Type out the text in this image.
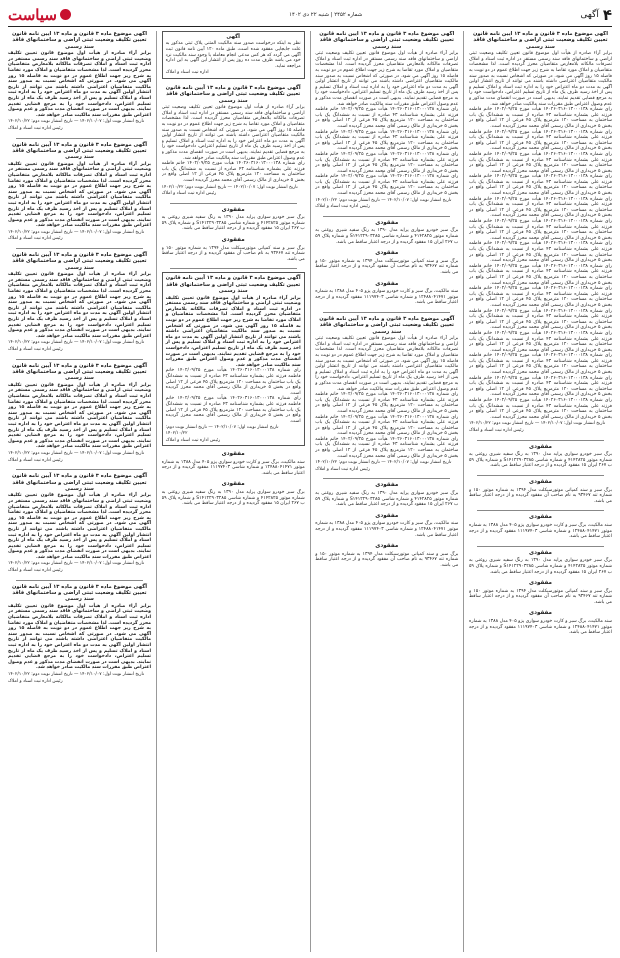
۴
آگهی
شماره ۲۴۵۲ | شنبه ۲۲ دی ۱۴۰۲
سیاست
آگهی موضوع ماده ۳ قانون و ماده ۱۳ آیین نامه قانون تعیین تکلیف وضعیت ثبتی اراضی و ساختمانهای فاقد سند رسمی
برابر آراء صادره از هیأت اول موضوع قانون تعیین تکلیف وضعیت ثبتی اراضی و ساختمانهای فاقد سند رسمی مستقر در اداره ثبت اسناد و املاک تصرفات مالکانه بلامعارض متقاضیان محرز گردیده است. لذا مشخصات متقاضیان و املاک مورد تقاضا به شرح زیر جهت اطلاع عموم در دو نوبت به فاصله ۱۵ روز آگهی می شود. در صورتی که اشخاص نسبت به صدور سند مالکیت متقاضیان اعتراضی داشته باشند می توانند از تاریخ انتشار اولین آگهی به مدت دو ماه اعتراض خود را به اداره ثبت اسناد و املاک تسلیم و پس از اخذ رسید ظرف یک ماه از تاریخ تسلیم اعتراض، دادخواست خود را به مرجع قضایی تقدیم نمایند. بدیهی است در صورت انقضای مدت مذکور و عدم وصول اعتراض طبق مقررات سند مالکیت صادر خواهد شد.
رای شماره ۱۴۰۲۶۰۳۱۶۰۱۳۰۰۰۱۳۸ هیأت مورخ ۱۴۰۲/۰۹/۲۵ خانم فاطمه فرزند علی بشماره شناسنامه ۴۳ صادره از نسبت به ششدانگ یک باب ساختمان به مساحت ۱۲۰ مترمربع پلاک ۴۵ فرعی از ۱۲ اصلی واقع در بخش ۵ خریداری از مالک رسمی آقای محمد محرز گردیده است.
رای شماره ۱۴۰۲۶۰۳۱۶۰۱۳۰۰۰۱۳۸ هیأت مورخ ۱۴۰۲/۰۹/۲۵ خانم فاطمه فرزند علی بشماره شناسنامه ۴۳ صادره از نسبت به ششدانگ یک باب ساختمان به مساحت ۱۲۰ مترمربع پلاک ۴۵ فرعی از ۱۲ اصلی واقع در بخش ۵ خریداری از مالک رسمی آقای محمد محرز گردیده است.
رای شماره ۱۴۰۲۶۰۳۱۶۰۱۳۰۰۰۱۳۸ هیأت مورخ ۱۴۰۲/۰۹/۲۵ خانم فاطمه فرزند علی بشماره شناسنامه ۴۳ صادره از نسبت به ششدانگ یک باب ساختمان به مساحت ۱۲۰ مترمربع پلاک ۴۵ فرعی از ۱۲ اصلی واقع در بخش ۵ خریداری از مالک رسمی آقای محمد محرز گردیده است.
رای شماره ۱۴۰۲۶۰۳۱۶۰۱۳۰۰۰۱۳۸ هیأت مورخ ۱۴۰۲/۰۹/۲۵ خانم فاطمه فرزند علی بشماره شناسنامه ۴۳ صادره از نسبت به ششدانگ یک باب ساختمان به مساحت ۱۲۰ مترمربع پلاک ۴۵ فرعی از ۱۲ اصلی واقع در بخش ۵ خریداری از مالک رسمی آقای محمد محرز گردیده است.
رای شماره ۱۴۰۲۶۰۳۱۶۰۱۳۰۰۰۱۳۸ هیأت مورخ ۱۴۰۲/۰۹/۲۵ خانم فاطمه فرزند علی بشماره شناسنامه ۴۳ صادره از نسبت به ششدانگ یک باب ساختمان به مساحت ۱۲۰ مترمربع پلاک ۴۵ فرعی از ۱۲ اصلی واقع در بخش ۵ خریداری از مالک رسمی آقای محمد محرز گردیده است.
رای شماره ۱۴۰۲۶۰۳۱۶۰۱۳۰۰۰۱۳۸ هیأت مورخ ۱۴۰۲/۰۹/۲۵ خانم فاطمه فرزند علی بشماره شناسنامه ۴۳ صادره از نسبت به ششدانگ یک باب ساختمان به مساحت ۱۲۰ مترمربع پلاک ۴۵ فرعی از ۱۲ اصلی واقع در بخش ۵ خریداری از مالک رسمی آقای محمد محرز گردیده است.
رای شماره ۱۴۰۲۶۰۳۱۶۰۱۳۰۰۰۱۳۸ هیأت مورخ ۱۴۰۲/۰۹/۲۵ خانم فاطمه فرزند علی بشماره شناسنامه ۴۳ صادره از نسبت به ششدانگ یک باب ساختمان به مساحت ۱۲۰ مترمربع پلاک ۴۵ فرعی از ۱۲ اصلی واقع در بخش ۵ خریداری از مالک رسمی آقای محمد محرز گردیده است.
رای شماره ۱۴۰۲۶۰۳۱۶۰۱۳۰۰۰۱۳۸ هیأت مورخ ۱۴۰۲/۰۹/۲۵ خانم فاطمه فرزند علی بشماره شناسنامه ۴۳ صادره از نسبت به ششدانگ یک باب ساختمان به مساحت ۱۲۰ مترمربع پلاک ۴۵ فرعی از ۱۲ اصلی واقع در بخش ۵ خریداری از مالک رسمی آقای محمد محرز گردیده است.
رای شماره ۱۴۰۲۶۰۳۱۶۰۱۳۰۰۰۱۳۸ هیأت مورخ ۱۴۰۲/۰۹/۲۵ خانم فاطمه فرزند علی بشماره شناسنامه ۴۳ صادره از نسبت به ششدانگ یک باب ساختمان به مساحت ۱۲۰ مترمربع پلاک ۴۵ فرعی از ۱۲ اصلی واقع در بخش ۵ خریداری از مالک رسمی آقای محمد محرز گردیده است.
رای شماره ۱۴۰۲۶۰۳۱۶۰۱۳۰۰۰۱۳۸ هیأت مورخ ۱۴۰۲/۰۹/۲۵ خانم فاطمه فرزند علی بشماره شناسنامه ۴۳ صادره از نسبت به ششدانگ یک باب ساختمان به مساحت ۱۲۰ مترمربع پلاک ۴۵ فرعی از ۱۲ اصلی واقع در بخش ۵ خریداری از مالک رسمی آقای محمد محرز گردیده است.
رای شماره ۱۴۰۲۶۰۳۱۶۰۱۳۰۰۰۱۳۸ هیأت مورخ ۱۴۰۲/۰۹/۲۵ خانم فاطمه فرزند علی بشماره شناسنامه ۴۳ صادره از نسبت به ششدانگ یک باب ساختمان به مساحت ۱۲۰ مترمربع پلاک ۴۵ فرعی از ۱۲ اصلی واقع در بخش ۵ خریداری از مالک رسمی آقای محمد محرز گردیده است.
رای شماره ۱۴۰۲۶۰۳۱۶۰۱۳۰۰۰۱۳۸ هیأت مورخ ۱۴۰۲/۰۹/۲۵ خانم فاطمه فرزند علی بشماره شناسنامه ۴۳ صادره از نسبت به ششدانگ یک باب ساختمان به مساحت ۱۲۰ مترمربع پلاک ۴۵ فرعی از ۱۲ اصلی واقع در بخش ۵ خریداری از مالک رسمی آقای محمد محرز گردیده است.
رای شماره ۱۴۰۲۶۰۳۱۶۰۱۳۰۰۰۱۳۸ هیأت مورخ ۱۴۰۲/۰۹/۲۵ خانم فاطمه فرزند علی بشماره شناسنامه ۴۳ صادره از نسبت به ششدانگ یک باب ساختمان به مساحت ۱۲۰ مترمربع پلاک ۴۵ فرعی از ۱۲ اصلی واقع در بخش ۵ خریداری از مالک رسمی آقای محمد محرز گردیده است.
رای شماره ۱۴۰۲۶۰۳۱۶۰۱۳۰۰۰۱۳۸ هیأت مورخ ۱۴۰۲/۰۹/۲۵ خانم فاطمه فرزند علی بشماره شناسنامه ۴۳ صادره از نسبت به ششدانگ یک باب ساختمان به مساحت ۱۲۰ مترمربع پلاک ۴۵ فرعی از ۱۲ اصلی واقع در بخش ۵ خریداری از مالک رسمی آقای محمد محرز گردیده است.
تاریخ انتشار نوبت اول: ۱۴۰۲/۱۰/۰۷ — تاریخ انتشار نوبت دوم: ۱۴۰۲/۱۰/۲۲
رئیس اداره ثبت اسناد و املاک
مفقودی
برگ سبز خودرو سواری پراید مدل ۱۳۹۰ به رنگ سفید شیری روغنی به شماره موتور ۴۱۴۲۸۲۵ و شماره شاسی S۱۴۱۲۲۹۰۳۲۸۵ و شماره پلاک ۵۹ ب ۲۶۷ ایران ۱۵ مفقود گردیده و از درجه اعتبار ساقط می باشد.
مفقودی
برگ سبز و سند کمپانی موتورسیکلت مدل ۱۳۹۴ به شماره موتور ۱۵۰ و شماره تنه ۹۳۴۶۷ به نام صاحب آن مفقود گردیده و از درجه اعتبار ساقط می باشد.
مفقودی
سند مالکیت، برگ سبز و کارت خودرو سواری پژو ۴۰۵ مدل ۱۳۸۸ به شماره موتور ۱۲۴۸۸۰۴۱۴۷۱ و شماره شاسی ۱۱۱۹۷۴۰۳ مفقود گردیده و از درجه اعتبار ساقط می باشد.
مفقودی
برگ سبز خودرو سواری پراید مدل ۱۳۹۰ به رنگ سفید شیری روغنی به شماره موتور ۴۱۴۲۸۲۵ و شماره شاسی S۱۴۱۲۲۹۰۳۲۸۵ و شماره پلاک ۵۹ ب ۲۶۷ ایران ۱۵ مفقود گردیده و از درجه اعتبار ساقط می باشد.
مفقودی
برگ سبز و سند کمپانی موتورسیکلت مدل ۱۳۹۴ به شماره موتور ۱۵۰ و شماره تنه ۹۳۴۶۷ به نام صاحب آن مفقود گردیده و از درجه اعتبار ساقط می باشد.
مفقودی
سند مالکیت، برگ سبز و کارت خودرو سواری پژو ۴۰۵ مدل ۱۳۸۸ به شماره موتور ۱۲۴۸۸۰۴۱۴۷۱ و شماره شاسی ۱۱۱۹۷۴۰۳ مفقود گردیده و از درجه اعتبار ساقط می باشد.
آگهی موضوع ماده ۳ قانون و ماده ۱۳ آیین نامه قانون تعیین تکلیف وضعیت ثبتی اراضی و ساختمانهای فاقد سند رسمی
برابر آراء صادره از هیأت اول موضوع قانون تعیین تکلیف وضعیت ثبتی اراضی و ساختمانهای فاقد سند رسمی مستقر در اداره ثبت اسناد و املاک تصرفات مالکانه بلامعارض متقاضیان محرز گردیده است. لذا مشخصات متقاضیان و املاک مورد تقاضا به شرح زیر جهت اطلاع عموم در دو نوبت به فاصله ۱۵ روز آگهی می شود. در صورتی که اشخاص نسبت به صدور سند مالکیت متقاضیان اعتراضی داشته باشند می توانند از تاریخ انتشار اولین آگهی به مدت دو ماه اعتراض خود را به اداره ثبت اسناد و املاک تسلیم و پس از اخذ رسید ظرف یک ماه از تاریخ تسلیم اعتراض، دادخواست خود را به مرجع قضایی تقدیم نمایند. بدیهی است در صورت انقضای مدت مذکور و عدم وصول اعتراض طبق مقررات سند مالکیت صادر خواهد شد.
رای شماره ۱۴۰۲۶۰۳۱۶۰۱۳۰۰۰۱۳۸ هیأت مورخ ۱۴۰۲/۰۹/۲۵ خانم فاطمه فرزند علی بشماره شناسنامه ۴۳ صادره از نسبت به ششدانگ یک باب ساختمان به مساحت ۱۲۰ مترمربع پلاک ۴۵ فرعی از ۱۲ اصلی واقع در بخش ۵ خریداری از مالک رسمی آقای محمد محرز گردیده است.
رای شماره ۱۴۰۲۶۰۳۱۶۰۱۳۰۰۰۱۳۸ هیأت مورخ ۱۴۰۲/۰۹/۲۵ خانم فاطمه فرزند علی بشماره شناسنامه ۴۳ صادره از نسبت به ششدانگ یک باب ساختمان به مساحت ۱۲۰ مترمربع پلاک ۴۵ فرعی از ۱۲ اصلی واقع در بخش ۵ خریداری از مالک رسمی آقای محمد محرز گردیده است.
رای شماره ۱۴۰۲۶۰۳۱۶۰۱۳۰۰۰۱۳۸ هیأت مورخ ۱۴۰۲/۰۹/۲۵ خانم فاطمه فرزند علی بشماره شناسنامه ۴۳ صادره از نسبت به ششدانگ یک باب ساختمان به مساحت ۱۲۰ مترمربع پلاک ۴۵ فرعی از ۱۲ اصلی واقع در بخش ۵ خریداری از مالک رسمی آقای محمد محرز گردیده است.
رای شماره ۱۴۰۲۶۰۳۱۶۰۱۳۰۰۰۱۳۸ هیأت مورخ ۱۴۰۲/۰۹/۲۵ خانم فاطمه فرزند علی بشماره شناسنامه ۴۳ صادره از نسبت به ششدانگ یک باب ساختمان به مساحت ۱۲۰ مترمربع پلاک ۴۵ فرعی از ۱۲ اصلی واقع در بخش ۵ خریداری از مالک رسمی آقای محمد محرز گردیده است.
تاریخ انتشار نوبت اول: ۱۴۰۲/۱۰/۰۷ — تاریخ انتشار نوبت دوم: ۱۴۰۲/۱۰/۲۲
رئیس اداره ثبت اسناد و املاک
مفقودی
برگ سبز خودرو سواری پراید مدل ۱۳۹۰ به رنگ سفید شیری روغنی به شماره موتور ۴۱۴۲۸۲۵ و شماره شاسی S۱۴۱۲۲۹۰۳۲۸۵ و شماره پلاک ۵۹ ب ۲۶۷ ایران ۱۵ مفقود گردیده و از درجه اعتبار ساقط می باشد.
مفقودی
برگ سبز و سند کمپانی موتورسیکلت مدل ۱۳۹۴ به شماره موتور ۱۵۰ و شماره تنه ۹۳۴۶۷ به نام صاحب آن مفقود گردیده و از درجه اعتبار ساقط می باشد.
مفقودی
سند مالکیت، برگ سبز و کارت خودرو سواری پژو ۴۰۵ مدل ۱۳۸۸ به شماره موتور ۱۲۴۸۸۰۴۱۴۷۱ و شماره شاسی ۱۱۱۹۷۴۰۳ مفقود گردیده و از درجه اعتبار ساقط می باشد.
آگهی موضوع ماده ۳ قانون و ماده ۱۳ آیین نامه قانون تعیین تکلیف وضعیت ثبتی اراضی و ساختمانهای فاقد سند رسمی
برابر آراء صادره از هیأت اول موضوع قانون تعیین تکلیف وضعیت ثبتی اراضی و ساختمانهای فاقد سند رسمی مستقر در اداره ثبت اسناد و املاک تصرفات مالکانه بلامعارض متقاضیان محرز گردیده است. لذا مشخصات متقاضیان و املاک مورد تقاضا به شرح زیر جهت اطلاع عموم در دو نوبت به فاصله ۱۵ روز آگهی می شود. در صورتی که اشخاص نسبت به صدور سند مالکیت متقاضیان اعتراضی داشته باشند می توانند از تاریخ انتشار اولین آگهی به مدت دو ماه اعتراض خود را به اداره ثبت اسناد و املاک تسلیم و پس از اخذ رسید ظرف یک ماه از تاریخ تسلیم اعتراض، دادخواست خود را به مرجع قضایی تقدیم نمایند. بدیهی است در صورت انقضای مدت مذکور و عدم وصول اعتراض طبق مقررات سند مالکیت صادر خواهد شد.
رای شماره ۱۴۰۲۶۰۳۱۶۰۱۳۰۰۰۱۳۸ هیأت مورخ ۱۴۰۲/۰۹/۲۵ خانم فاطمه فرزند علی بشماره شناسنامه ۴۳ صادره از نسبت به ششدانگ یک باب ساختمان به مساحت ۱۲۰ مترمربع پلاک ۴۵ فرعی از ۱۲ اصلی واقع در بخش ۵ خریداری از مالک رسمی آقای محمد محرز گردیده است.
رای شماره ۱۴۰۲۶۰۳۱۶۰۱۳۰۰۰۱۳۸ هیأت مورخ ۱۴۰۲/۰۹/۲۵ خانم فاطمه فرزند علی بشماره شناسنامه ۴۳ صادره از نسبت به ششدانگ یک باب ساختمان به مساحت ۱۲۰ مترمربع پلاک ۴۵ فرعی از ۱۲ اصلی واقع در بخش ۵ خریداری از مالک رسمی آقای محمد محرز گردیده است.
رای شماره ۱۴۰۲۶۰۳۱۶۰۱۳۰۰۰۱۳۸ هیأت مورخ ۱۴۰۲/۰۹/۲۵ خانم فاطمه فرزند علی بشماره شناسنامه ۴۳ صادره از نسبت به ششدانگ یک باب ساختمان به مساحت ۱۲۰ مترمربع پلاک ۴۵ فرعی از ۱۲ اصلی واقع در بخش ۵ خریداری از مالک رسمی آقای محمد محرز گردیده است.
تاریخ انتشار نوبت اول: ۱۴۰۲/۱۰/۰۷ — تاریخ انتشار نوبت دوم: ۱۴۰۲/۱۰/۲۲
رئیس اداره ثبت اسناد و املاک
مفقودی
برگ سبز خودرو سواری پراید مدل ۱۳۹۰ به رنگ سفید شیری روغنی به شماره موتور ۴۱۴۲۸۲۵ و شماره شاسی S۱۴۱۲۲۹۰۳۲۸۵ و شماره پلاک ۵۹ ب ۲۶۷ ایران ۱۵ مفقود گردیده و از درجه اعتبار ساقط می باشد.
مفقودی
سند مالکیت، برگ سبز و کارت خودرو سواری پژو ۴۰۵ مدل ۱۳۸۸ به شماره موتور ۱۲۴۸۸۰۴۱۴۷۱ و شماره شاسی ۱۱۱۹۷۴۰۳ مفقود گردیده و از درجه اعتبار ساقط می باشد.
مفقودی
برگ سبز و سند کمپانی موتورسیکلت مدل ۱۳۹۴ به شماره موتور ۱۵۰ و شماره تنه ۹۳۴۶۷ به نام صاحب آن مفقود گردیده و از درجه اعتبار ساقط می باشد.
آگهی
نظر به اینکه درخواست صدور سند مالکیت المثنی پلاک ثبتی مذکور به علت جابجایی مفقود شده است، طبق ماده ۱۲۰ آیین نامه قانون ثبت آگهی می گردد که هر کس مدعی انجام معامله یا وجود سند مالکیت نزد خود می باشد ظرف مدت ده روز پس از انتشار این آگهی به این اداره مراجعه نماید.
اداره ثبت اسناد و املاک
آگهی موضوع ماده ۳ قانون و ماده ۱۳ آیین نامه قانون تعیین تکلیف وضعیت ثبتی اراضی و ساختمانهای فاقد سند رسمی
برابر آراء صادره از هیأت اول موضوع قانون تعیین تکلیف وضعیت ثبتی اراضی و ساختمانهای فاقد سند رسمی مستقر در اداره ثبت اسناد و املاک تصرفات مالکانه بلامعارض متقاضیان محرز گردیده است. لذا مشخصات متقاضیان و املاک مورد تقاضا به شرح زیر جهت اطلاع عموم در دو نوبت به فاصله ۱۵ روز آگهی می شود. در صورتی که اشخاص نسبت به صدور سند مالکیت متقاضیان اعتراضی داشته باشند می توانند از تاریخ انتشار اولین آگهی به مدت دو ماه اعتراض خود را به اداره ثبت اسناد و املاک تسلیم و پس از اخذ رسید ظرف یک ماه از تاریخ تسلیم اعتراض، دادخواست خود را به مرجع قضایی تقدیم نمایند. بدیهی است در صورت انقضای مدت مذکور و عدم وصول اعتراض طبق مقررات سند مالکیت صادر خواهد شد.
رای شماره ۱۴۰۲۶۰۳۱۶۰۱۳۰۰۰۱۳۸ هیأت مورخ ۱۴۰۲/۰۹/۲۵ خانم فاطمه فرزند علی بشماره شناسنامه ۴۳ صادره از نسبت به ششدانگ یک باب ساختمان به مساحت ۱۲۰ مترمربع پلاک ۴۵ فرعی از ۱۲ اصلی واقع در بخش ۵ خریداری از مالک رسمی آقای محمد محرز گردیده است.
تاریخ انتشار نوبت اول: ۱۴۰۲/۱۰/۰۷ — تاریخ انتشار نوبت دوم: ۱۴۰۲/۱۰/۲۲
رئیس اداره ثبت اسناد و املاک
مفقودی
برگ سبز خودرو سواری پراید مدل ۱۳۹۰ به رنگ سفید شیری روغنی به شماره موتور ۴۱۴۲۸۲۵ و شماره شاسی S۱۴۱۲۲۹۰۳۲۸۵ و شماره پلاک ۵۹ ب ۲۶۷ ایران ۱۵ مفقود گردیده و از درجه اعتبار ساقط می باشد.
مفقودی
برگ سبز و سند کمپانی موتورسیکلت مدل ۱۳۹۴ به شماره موتور ۱۵۰ و شماره تنه ۹۳۴۶۷ به نام صاحب آن مفقود گردیده و از درجه اعتبار ساقط می باشد.
آگهی موضوع ماده ۳ قانون و ماده ۱۳ آیین نامه قانون تعیین تکلیف وضعیت ثبتی اراضی و ساختمانهای فاقد سند رسمی
برابر آراء صادره از هیأت اول موضوع قانون تعیین تکلیف وضعیت ثبتی اراضی و ساختمانهای فاقد سند رسمی مستقر در اداره ثبت اسناد و املاک تصرفات مالکانه بلامعارض متقاضیان محرز گردیده است. لذا مشخصات متقاضیان و املاک مورد تقاضا به شرح زیر جهت اطلاع عموم در دو نوبت به فاصله ۱۵ روز آگهی می شود. در صورتی که اشخاص نسبت به صدور سند مالکیت متقاضیان اعتراضی داشته باشند می توانند از تاریخ انتشار اولین آگهی به مدت دو ماه اعتراض خود را به اداره ثبت اسناد و املاک تسلیم و پس از اخذ رسید ظرف یک ماه از تاریخ تسلیم اعتراض، دادخواست خود را به مرجع قضایی تقدیم نمایند. بدیهی است در صورت انقضای مدت مذکور و عدم وصول اعتراض طبق مقررات سند مالکیت صادر خواهد شد.
رای شماره ۱۴۰۲۶۰۳۱۶۰۱۳۰۰۰۱۳۸ هیأت مورخ ۱۴۰۲/۰۹/۲۵ خانم فاطمه فرزند علی بشماره شناسنامه ۴۳ صادره از نسبت به ششدانگ یک باب ساختمان به مساحت ۱۲۰ مترمربع پلاک ۴۵ فرعی از ۱۲ اصلی واقع در بخش ۵ خریداری از مالک رسمی آقای محمد محرز گردیده است.
رای شماره ۱۴۰۲۶۰۳۱۶۰۱۳۰۰۰۱۳۸ هیأت مورخ ۱۴۰۲/۰۹/۲۵ خانم فاطمه فرزند علی بشماره شناسنامه ۴۳ صادره از نسبت به ششدانگ یک باب ساختمان به مساحت ۱۲۰ مترمربع پلاک ۴۵ فرعی از ۱۲ اصلی واقع در بخش ۵ خریداری از مالک رسمی آقای محمد محرز گردیده است.
تاریخ انتشار نوبت اول: ۱۴۰۲/۱۰/۰۷ — تاریخ انتشار نوبت دوم: ۱۴۰۲/۱۰/۲۲
رئیس اداره ثبت اسناد و املاک
مفقودی
سند مالکیت، برگ سبز و کارت خودرو سواری پژو ۴۰۵ مدل ۱۳۸۸ به شماره موتور ۱۲۴۸۸۰۴۱۴۷۱ و شماره شاسی ۱۱۱۹۷۴۰۳ مفقود گردیده و از درجه اعتبار ساقط می باشد.
مفقودی
برگ سبز خودرو سواری پراید مدل ۱۳۹۰ به رنگ سفید شیری روغنی به شماره موتور ۴۱۴۲۸۲۵ و شماره شاسی S۱۴۱۲۲۹۰۳۲۸۵ و شماره پلاک ۵۹ ب ۲۶۷ ایران ۱۵ مفقود گردیده و از درجه اعتبار ساقط می باشد.
آگهی موضوع ماده ۳ قانون و ماده ۱۳ آیین نامه قانون تعیین تکلیف وضعیت ثبتی اراضی و ساختمانهای فاقد سند رسمی
برابر آراء صادره از هیأت اول موضوع قانون تعیین تکلیف وضعیت ثبتی اراضی و ساختمانهای فاقد سند رسمی مستقر در اداره ثبت اسناد و املاک تصرفات مالکانه بلامعارض متقاضیان محرز گردیده است. لذا مشخصات متقاضیان و املاک مورد تقاضا به شرح زیر جهت اطلاع عموم در دو نوبت به فاصله ۱۵ روز آگهی می شود. در صورتی که اشخاص نسبت به صدور سند مالکیت متقاضیان اعتراضی داشته باشند می توانند از تاریخ انتشار اولین آگهی به مدت دو ماه اعتراض خود را به اداره ثبت اسناد و املاک تسلیم و پس از اخذ رسید ظرف یک ماه از تاریخ تسلیم اعتراض، دادخواست خود را به مرجع قضایی تقدیم نمایند. بدیهی است در صورت انقضای مدت مذکور و عدم وصول اعتراض طبق مقررات سند مالکیت صادر خواهد شد.
تاریخ انتشار نوبت اول: ۱۴۰۲/۱۰/۰۷ — تاریخ انتشار نوبت دوم: ۱۴۰۲/۱۰/۲۲
رئیس اداره ثبت اسناد و املاک
آگهی موضوع ماده ۳ قانون و ماده ۱۳ آیین نامه قانون تعیین تکلیف وضعیت ثبتی اراضی و ساختمانهای فاقد سند رسمی
برابر آراء صادره از هیأت اول موضوع قانون تعیین تکلیف وضعیت ثبتی اراضی و ساختمانهای فاقد سند رسمی مستقر در اداره ثبت اسناد و املاک تصرفات مالکانه بلامعارض متقاضیان محرز گردیده است. لذا مشخصات متقاضیان و املاک مورد تقاضا به شرح زیر جهت اطلاع عموم در دو نوبت به فاصله ۱۵ روز آگهی می شود. در صورتی که اشخاص نسبت به صدور سند مالکیت متقاضیان اعتراضی داشته باشند می توانند از تاریخ انتشار اولین آگهی به مدت دو ماه اعتراض خود را به اداره ثبت اسناد و املاک تسلیم و پس از اخذ رسید ظرف یک ماه از تاریخ تسلیم اعتراض، دادخواست خود را به مرجع قضایی تقدیم نمایند. بدیهی است در صورت انقضای مدت مذکور و عدم وصول اعتراض طبق مقررات سند مالکیت صادر خواهد شد.
تاریخ انتشار نوبت اول: ۱۴۰۲/۱۰/۰۷ — تاریخ انتشار نوبت دوم: ۱۴۰۲/۱۰/۲۲
رئیس اداره ثبت اسناد و املاک
آگهی موضوع ماده ۳ قانون و ماده ۱۳ آیین نامه قانون تعیین تکلیف وضعیت ثبتی اراضی و ساختمانهای فاقد سند رسمی
برابر آراء صادره از هیأت اول موضوع قانون تعیین تکلیف وضعیت ثبتی اراضی و ساختمانهای فاقد سند رسمی مستقر در اداره ثبت اسناد و املاک تصرفات مالکانه بلامعارض متقاضیان محرز گردیده است. لذا مشخصات متقاضیان و املاک مورد تقاضا به شرح زیر جهت اطلاع عموم در دو نوبت به فاصله ۱۵ روز آگهی می شود. در صورتی که اشخاص نسبت به صدور سند مالکیت متقاضیان اعتراضی داشته باشند می توانند از تاریخ انتشار اولین آگهی به مدت دو ماه اعتراض خود را به اداره ثبت اسناد و املاک تسلیم و پس از اخذ رسید ظرف یک ماه از تاریخ تسلیم اعتراض، دادخواست خود را به مرجع قضایی تقدیم نمایند. بدیهی است در صورت انقضای مدت مذکور و عدم وصول اعتراض طبق مقررات سند مالکیت صادر خواهد شد.
تاریخ انتشار نوبت اول: ۱۴۰۲/۱۰/۰۷ — تاریخ انتشار نوبت دوم: ۱۴۰۲/۱۰/۲۲
رئیس اداره ثبت اسناد و املاک
آگهی موضوع ماده ۳ قانون و ماده ۱۳ آیین نامه قانون تعیین تکلیف وضعیت ثبتی اراضی و ساختمانهای فاقد سند رسمی
برابر آراء صادره از هیأت اول موضوع قانون تعیین تکلیف وضعیت ثبتی اراضی و ساختمانهای فاقد سند رسمی مستقر در اداره ثبت اسناد و املاک تصرفات مالکانه بلامعارض متقاضیان محرز گردیده است. لذا مشخصات متقاضیان و املاک مورد تقاضا به شرح زیر جهت اطلاع عموم در دو نوبت به فاصله ۱۵ روز آگهی می شود. در صورتی که اشخاص نسبت به صدور سند مالکیت متقاضیان اعتراضی داشته باشند می توانند از تاریخ انتشار اولین آگهی به مدت دو ماه اعتراض خود را به اداره ثبت اسناد و املاک تسلیم و پس از اخذ رسید ظرف یک ماه از تاریخ تسلیم اعتراض، دادخواست خود را به مرجع قضایی تقدیم نمایند. بدیهی است در صورت انقضای مدت مذکور و عدم وصول اعتراض طبق مقررات سند مالکیت صادر خواهد شد.
تاریخ انتشار نوبت اول: ۱۴۰۲/۱۰/۰۷ — تاریخ انتشار نوبت دوم: ۱۴۰۲/۱۰/۲۲
رئیس اداره ثبت اسناد و املاک
آگهی موضوع ماده ۳ قانون و ماده ۱۳ آیین نامه قانون تعیین تکلیف وضعیت ثبتی اراضی و ساختمانهای فاقد سند رسمی
برابر آراء صادره از هیأت اول موضوع قانون تعیین تکلیف وضعیت ثبتی اراضی و ساختمانهای فاقد سند رسمی مستقر در اداره ثبت اسناد و املاک تصرفات مالکانه بلامعارض متقاضیان محرز گردیده است. لذا مشخصات متقاضیان و املاک مورد تقاضا به شرح زیر جهت اطلاع عموم در دو نوبت به فاصله ۱۵ روز آگهی می شود. در صورتی که اشخاص نسبت به صدور سند مالکیت متقاضیان اعتراضی داشته باشند می توانند از تاریخ انتشار اولین آگهی به مدت دو ماه اعتراض خود را به اداره ثبت اسناد و املاک تسلیم و پس از اخذ رسید ظرف یک ماه از تاریخ تسلیم اعتراض، دادخواست خود را به مرجع قضایی تقدیم نمایند. بدیهی است در صورت انقضای مدت مذکور و عدم وصول اعتراض طبق مقررات سند مالکیت صادر خواهد شد.
تاریخ انتشار نوبت اول: ۱۴۰۲/۱۰/۰۷ — تاریخ انتشار نوبت دوم: ۱۴۰۲/۱۰/۲۲
رئیس اداره ثبت اسناد و املاک
آگهی موضوع ماده ۳ قانون و ماده ۱۳ آیین نامه قانون تعیین تکلیف وضعیت ثبتی اراضی و ساختمانهای فاقد سند رسمی
برابر آراء صادره از هیأت اول موضوع قانون تعیین تکلیف وضعیت ثبتی اراضی و ساختمانهای فاقد سند رسمی مستقر در اداره ثبت اسناد و املاک تصرفات مالکانه بلامعارض متقاضیان محرز گردیده است. لذا مشخصات متقاضیان و املاک مورد تقاضا به شرح زیر جهت اطلاع عموم در دو نوبت به فاصله ۱۵ روز آگهی می شود. در صورتی که اشخاص نسبت به صدور سند مالکیت متقاضیان اعتراضی داشته باشند می توانند از تاریخ انتشار اولین آگهی به مدت دو ماه اعتراض خود را به اداره ثبت اسناد و املاک تسلیم و پس از اخذ رسید ظرف یک ماه از تاریخ تسلیم اعتراض، دادخواست خود را به مرجع قضایی تقدیم نمایند. بدیهی است در صورت انقضای مدت مذکور و عدم وصول اعتراض طبق مقررات سند مالکیت صادر خواهد شد.
تاریخ انتشار نوبت اول: ۱۴۰۲/۱۰/۰۷ — تاریخ انتشار نوبت دوم: ۱۴۰۲/۱۰/۲۲
رئیس اداره ثبت اسناد و املاک
